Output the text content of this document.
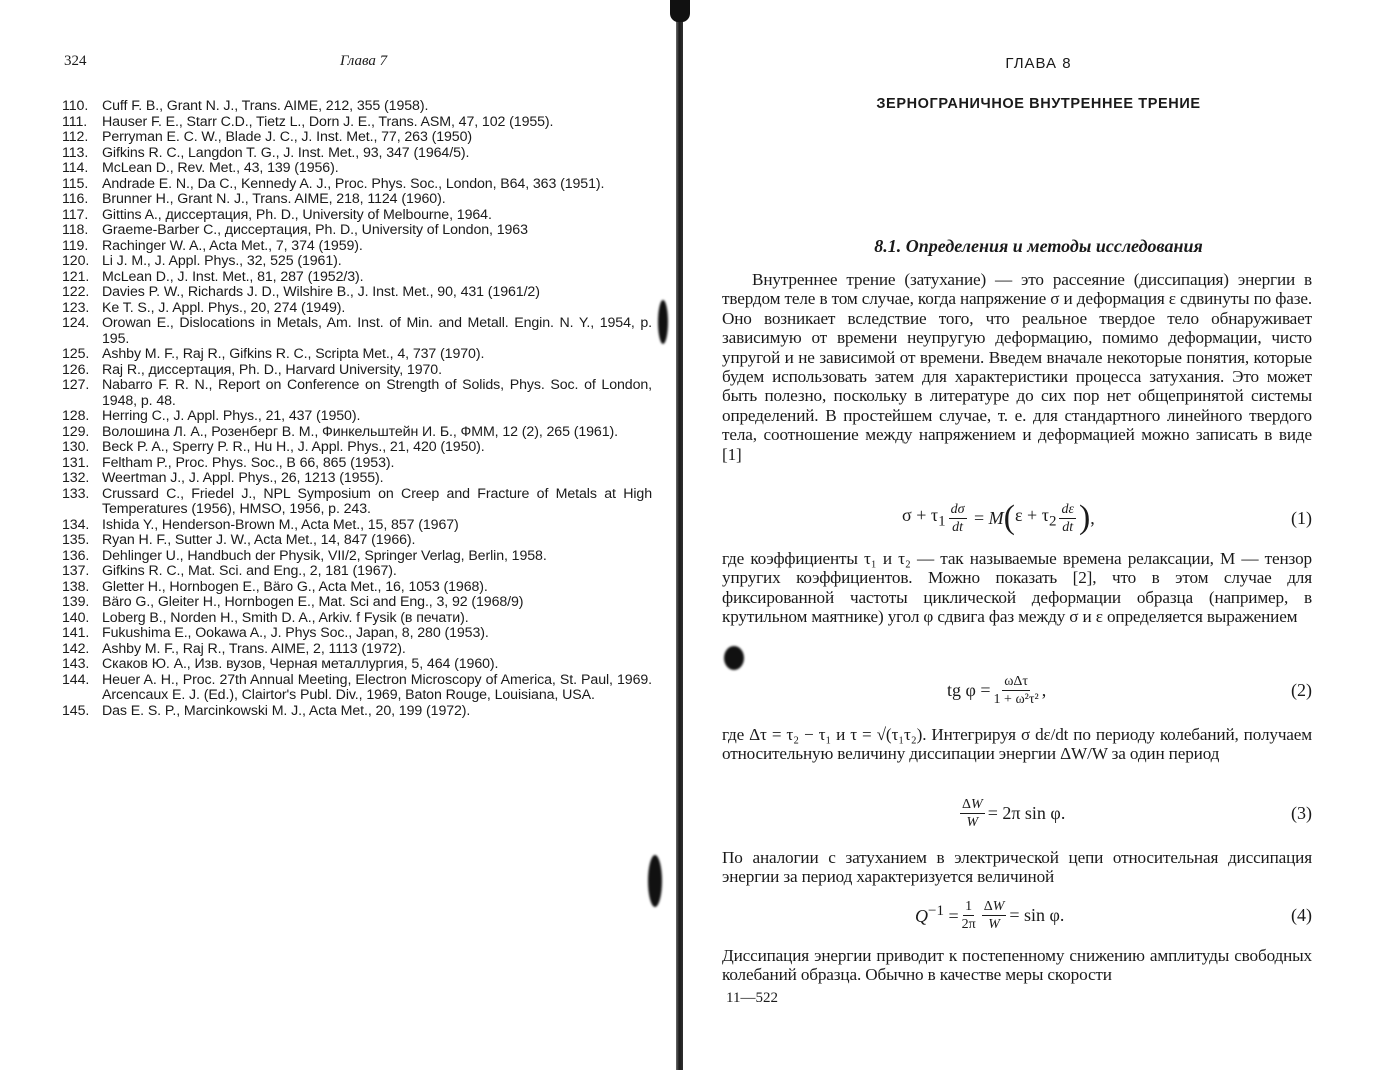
324	Глава 7
110. Cuff F. B., Grant N. J., Trans. AIME, 212, 355 (1958).
111. Hauser F. E., Starr C.D., Tietz L., Dorn J. E., Trans. ASM, 47, 102 (1955).
112. Perryman E. C. W., Blade J. C., J. Inst. Met., 77, 263 (1950)
113. Gifkins R. C., Langdon T. G., J. Inst. Met., 93, 347 (1964/5).
114. McLean D., Rev. Met., 43, 139 (1956).
115. Andrade E. N., Da C., Kennedy A. J., Proc. Phys. Soc., London, B64, 363 (1951).
116. Brunner H., Grant N. J., Trans. AIME, 218, 1124 (1960).
117. Gittins A., диссертация, Ph. D., University of Melbourne, 1964.
118. Graeme-Barber C., диссертация, Ph. D., University of London, 1963
119. Rachinger W. A., Acta Met., 7, 374 (1959).
120. Li J. M., J. Appl. Phys., 32, 525 (1961).
121. McLean D., J. Inst. Met., 81, 287 (1952/3).
122. Davies P. W., Richards J. D., Wilshire B., J. Inst. Met., 90, 431 (1961/2)
123. Ke T. S., J. Appl. Phys., 20, 274 (1949).
124. Orowan E., Dislocations in Metals, Am. Inst. of Min. and Metall. Engin. N. Y., 1954, p. 195.
125. Ashby M. F., Raj R., Gifkins R. C., Scripta Met., 4, 737 (1970).
126. Raj R., диссертация, Ph. D., Harvard University, 1970.
127. Nabarro F. R. N., Report on Conference on Strength of Solids, Phys. Soc. of London, 1948, p. 48.
128. Herring C., J. Appl. Phys., 21, 437 (1950).
129. Волошина Л. А., Розенберг В. М., Финкельштейн И. Б., ФММ, 12 (2), 265 (1961).
130. Beck P. A., Sperry P. R., Hu H., J. Appl. Phys., 21, 420 (1950).
131. Feltham P., Proc. Phys. Soc., B 66, 865 (1953).
132. Weertman J., J. Appl. Phys., 26, 1213 (1955).
133. Crussard C., Friedel J., NPL Symposium on Creep and Fracture of Metals at High Temperatures (1956), HMSO, 1956, p. 243.
134. Ishida Y., Henderson-Brown M., Acta Met., 15, 857 (1967)
135. Ryan H. F., Sutter J. W., Acta Met., 14, 847 (1966).
136. Dehlinger U., Handbuch der Physik, VII/2, Springer Verlag, Berlin, 1958.
137. Gifkins R. C., Mat. Sci. and Eng., 2, 181 (1967).
138. Gletter H., Hornbogen E., Bäro G., Acta Met., 16, 1053 (1968).
139. Bäro G., Gleiter H., Hornbogen E., Mat. Sci and Eng., 3, 92 (1968/9)
140. Loberg B., Norden H., Smith D. A., Arkiv. f Fysik (в печати).
141. Fukushima E., Ookawa A., J. Phys Soc., Japan, 8, 280 (1953).
142. Ashby M. F., Raj R., Trans. AIME, 2, 1113 (1972).
143. Скаков Ю. А., Изв. вузов, Черная металлургия, 5, 464 (1960).
144. Heuer A. H., Proc. 27th Annual Meeting, Electron Microscopy of America, St. Paul, 1969. Arcencaux E. J. (Ed.), Clairtor's Publ. Div., 1969, Baton Rouge, Louisiana, USA.
145. Das E. S. P., Marcinkowski M. J., Acta Met., 20, 199 (1972).
ГЛАВА 8
ЗЕРНОГРАНИЧНОЕ ВНУТРЕННЕЕ ТРЕНИЕ
8.1. Определения и методы исследования

Внутреннее трение (затухание) — это рассеяние (диссипация) энергии в твердом теле в том случае, когда напряжение σ и деформация ε сдвинуты по фазе. Оно возникает вследствие того, что реальное твердое тело обнаруживает зависимую от времени неупругую деформацию, помимо деформации, чисто упругой и не зависимой от времени. Введем вначале некоторые понятия, которые будем использовать затем для характеристики процесса затухания. Это может быть полезно, поскольку в литературе до сих пор нет общепринятой системы определений. В простейшем случае, т. е. для стандартного линейного твердого тела, соотношение между напряжением и деформацией можно записать в виде [1]

$\sigma + \tau_1 \frac{d\sigma}{dt} = M$ ( $\varepsilon + \tau_2 \frac{d\varepsilon}{dt}$ ) ,	(1)

где коэффициенты τ₁ и τ₂ — так называемые времена релаксации, M — тензор упругих коэффициентов. Можно показать [2], что в этом случае для фиксированной частоты циклической деформации образца (например, в крутильном маятнике) угол φ сдвига фаз между σ и ε определяется выражением

tg $\varphi = \frac{\text{ωΔτ}}{\text{1 + ω²τ²}}$ ,	(2)

где Δτ = τ₂ − τ₁ и τ = √(τ₁τ₂). Интегрируя σ dε/dt по периоду колебаний, получаем относительную величину диссипации энергии ΔW/W за один период

$\frac{\Delta W}{W} = 2\pi$ sin φ.	(3)

По аналогии с затуханием в электрической цепи относительная диссипация энергии за период характеризуется величиной

$Q^{-1} = \frac{1}{2\pi} \frac{\Delta W}{W} = \sin \varphi$.	(4)

Диссипация энергии приводит к постепенному снижению амплитуды свободных колебаний образца. Обычно в качестве меры скорости

11—522
